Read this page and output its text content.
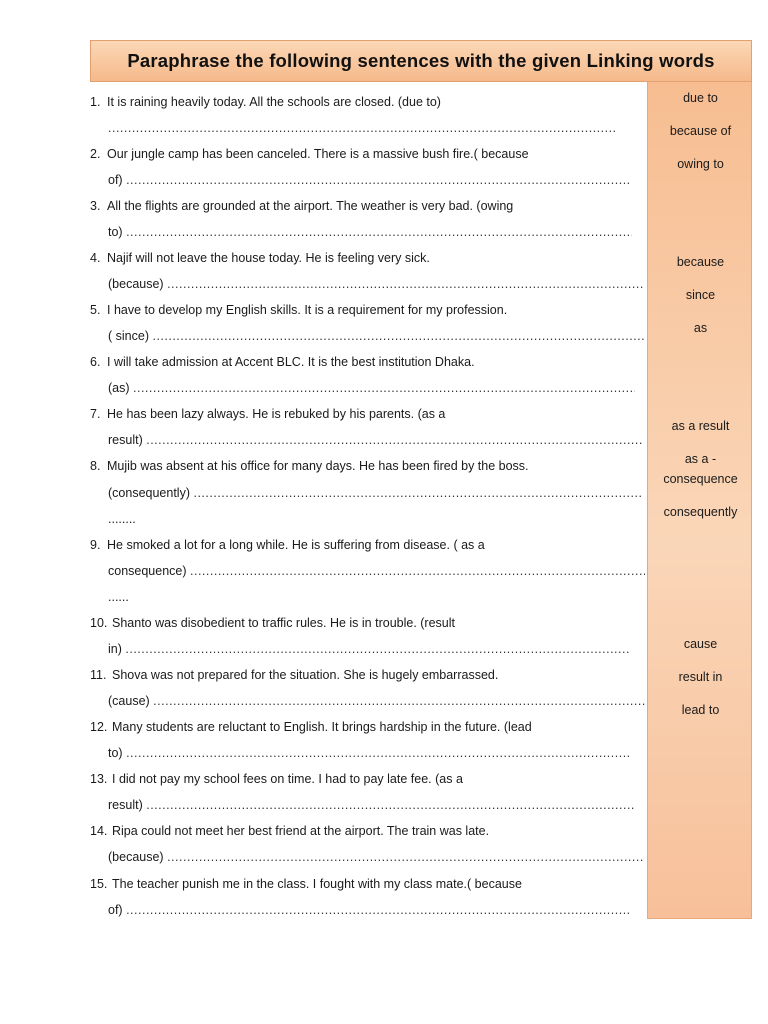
Paraphrase the following sentences with the given Linking words
due to
because of
owing to
because
since
as
as a result
as a -
consequence
consequently
cause
result in
lead to
1. It is raining heavily today. All the schools are closed. (due to)
.....
2. Our jungle camp has been canceled. There is a massive bush fire.( because
of) .....
3. All the flights are grounded at the airport. The weather is very bad. (owing
to) .....
4. Najif will not leave the house today. He is feeling very sick.
(because) .....
5. I have to develop my English skills. It is a requirement for my profession.
( since) .....
6. I will take admission at Accent BLC. It is the best institution Dhaka.
(as) .....
7. He has been lazy always. He is rebuked by his parents. (as a
result) .....
8. Mujib was absent at his office for many days. He has been fired by the boss.
(consequently) .....
........
9. He smoked a lot for a long while. He is suffering from disease. ( as a
consequence) .....
......
10. Shanto was disobedient to traffic rules. He is in trouble. (result
in) .....
11. Shova was not prepared for the situation. She is hugely embarrassed.
(cause) .....
12. Many students are reluctant to English. It brings hardship in the future. (lead
to) .....
13. I did not pay my school fees on time. I had to pay late fee. (as a
result) .....
14. Ripa could not meet her best friend at the airport. The train was late.
(because) .....
15. The teacher punish me in the class. I fought with my class mate.( because
of) .....
